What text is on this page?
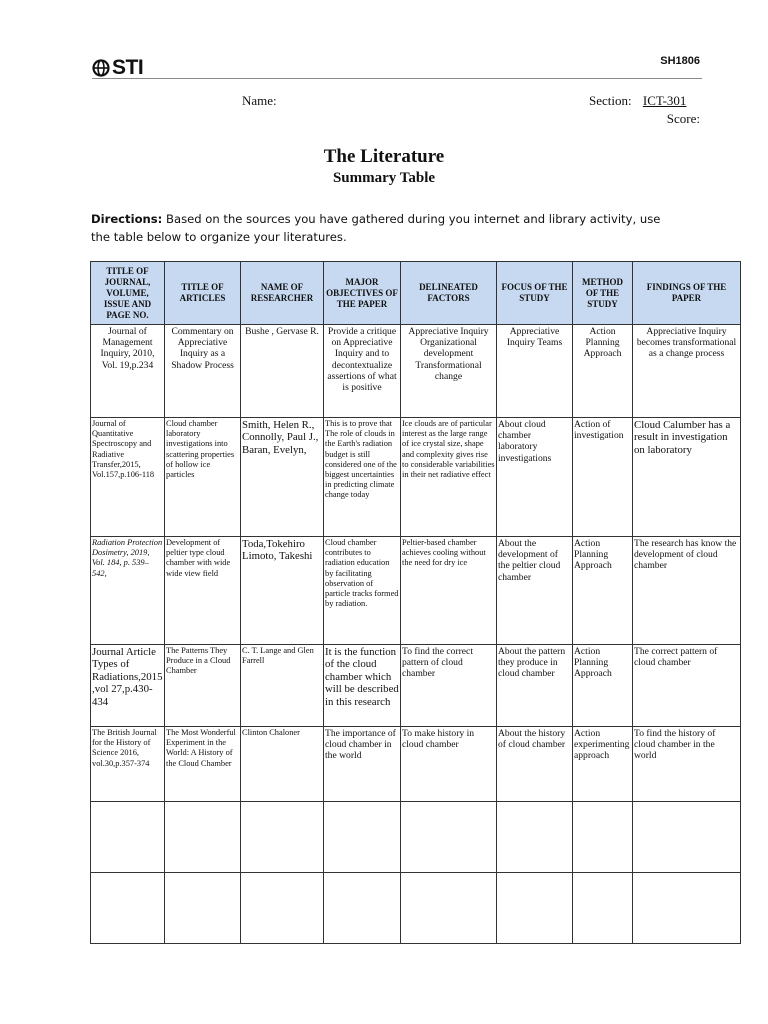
STI	SH1806
Name:	Section: ICT-301
Score:
The Literature
Summary Table
Directions: Based on the sources you have gathered during you internet and library activity, use the table below to organize your literatures.
TITLE OF JOURNAL, VOLUME, ISSUE AND PAGE NO.	TITLE OF ARTICLES	NAME OF RESEARCHER	MAJOR OBJECTIVES OF THE PAPER	DELINEATED FACTORS	FOCUS OF THE STUDY	METHOD OF THE STUDY	FINDINGS OF THE PAPER
Journal of Management Inquiry, 2010, Vol. 19,p.234	Commentary on Appreciative Inquiry as a Shadow Process	Bushe , Gervase R.	Provide a critique on Appreciative Inquiry and to decontextualize assertions of what is positive	Appreciative Inquiry Organizational development Transformational change	Appreciative Inquiry Teams	Action Planning Approach	Appreciative Inquiry becomes transformational as a change process
Journal of Quantitative Spectroscopy and Radiative Transfer,2015, Vol.157,p.106-118	Cloud chamber laboratory investigations into scattering properties of hollow ice particles	Smith, Helen R., Connolly, Paul J., Baran, Evelyn,	This is to prove that The role of clouds in the Earth's radiation budget is still considered one of the biggest uncertainties in predicting climate change today	Ice clouds are of particular interest as the large range of ice crystal size, shape and complexity gives rise to considerable variabilities in their net radiative effect	About cloud chamber laboratory investigations	Action of investigation	Cloud Calumber has a result in investigation on laboratory
Radiation Protection Dosimetry, 2019, Vol. 184, p. 539–542,	Development of peltier type cloud chamber with wide wide view field	Toda,Tokehiro Limoto, Takeshi	Cloud chamber contributes to radiation education by facilitating observation of particle tracks formed by radiation.	Peltier-based chamber achieves cooling without the need for dry ice	About the development of the peltier cloud chamber	Action Planning Approach	The research has know the development of cloud chamber
Journal Article Types of Radiations,2015,vol 27,p.430-434	The Patterns They Produce in a Cloud Chamber	C. T. Lange and Glen Farrell	It is the function of the cloud chamber which will be described in this research	To find the correct pattern of cloud chamber	About the pattern they produce in cloud chamber	Action Planning Approach	The correct pattern of cloud chamber
The British Journal for the History of Science 2016, vol.30,p.357-374	The Most Wonderful Experiment in the World: A History of the Cloud Chamber	Clinton Chaloner	The importance of cloud chamber in the world	To make history in cloud chamber	About the history of cloud chamber	Action experimenting approach	To find the history of cloud chamber in the world
